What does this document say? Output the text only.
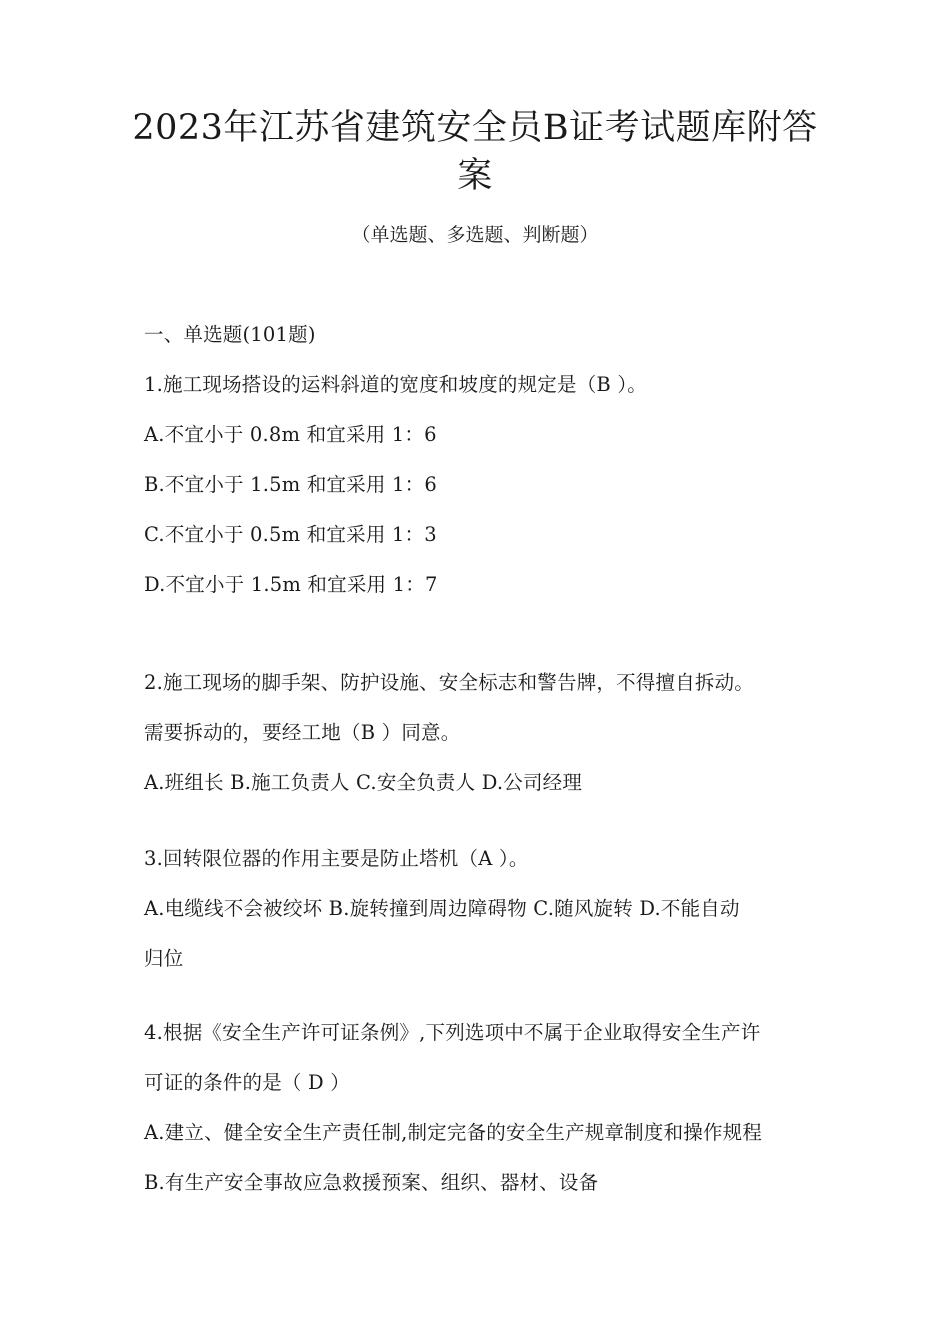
2023年江苏省建筑安全员B证考试题库附答
案
（单选题、多选题、判断题）
一、单选题(101题)
1.施工现场搭设的运料斜道的宽度和坡度的规定是（B ）。
A.不宜小于 0.8m 和宜采用 1：6
B.不宜小于 1.5m 和宜采用 1：6
C.不宜小于 0.5m 和宜采用 1：3
D.不宜小于 1.5m 和宜采用 1：7
2.施工现场的脚手架、防护设施、安全标志和警告牌，不得擅自拆动。
需要拆动的，要经工地（B ）同意。
A.班组长 B.施工负责人 C.安全负责人 D.公司经理
3.回转限位器的作用主要是防止塔机（A ）。
A.电缆线不会被绞坏 B.旋转撞到周边障碍物 C.随风旋转 D.不能自动
归位
4.根据《安全生产许可证条例》,下列选项中不属于企业取得安全生产许
可证的条件的是（ D ）
A.建立、健全安全生产责任制,制定完备的安全生产规章制度和操作规程
B.有生产安全事故应急救援预案、组织、器材、设备
